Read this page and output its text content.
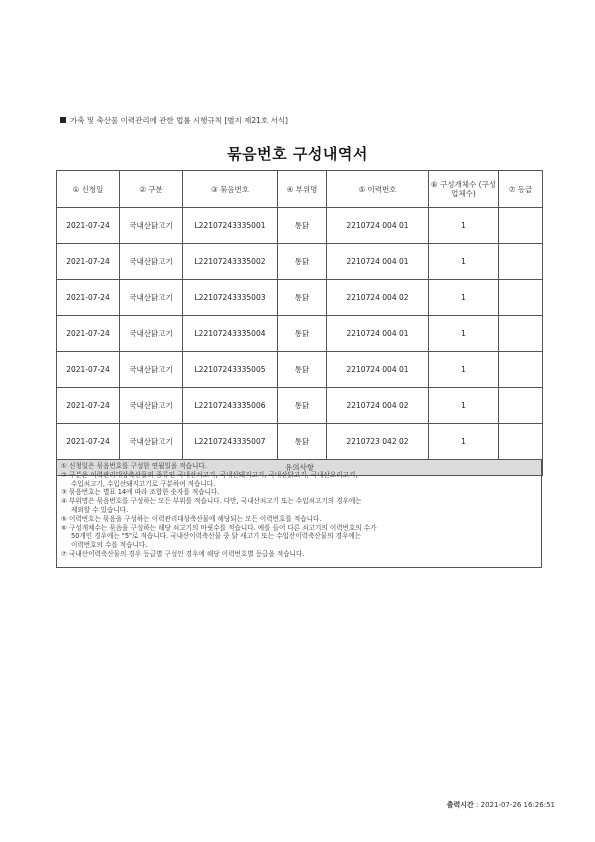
가축 및 축산물 이력관리에 관한 법률 시행규칙 [별지 제21호 서식]
묶음번호 구성내역서
① 신청일	② 구분	③ 묶음번호	④ 부위명	⑤ 이력번호	⑥ 구성개체수 (구성업체수)	⑦ 등급
2021-07-24	국내산닭고기	L22107243335001	통닭	2210724 004 01	1	
2021-07-24	국내산닭고기	L22107243335002	통닭	2210724 004 01	1	
2021-07-24	국내산닭고기	L22107243335003	통닭	2210724 004 02	1	
2021-07-24	국내산닭고기	L22107243335004	통닭	2210724 004 01	1	
2021-07-24	국내산닭고기	L22107243335005	통닭	2210724 004 01	1	
2021-07-24	국내산닭고기	L22107243335006	통닭	2210724 004 02	1	
2021-07-24	국내산닭고기	L22107243335007	통닭	2210723 042 02	1	
유의사항						

① 신청일은 묶음번호를 구성한 연월일을 적습니다.

② 구분은 이력관리대상축산물의 종류인 국내산쇠고기, 국내산돼지고기, 국내산닭고기, 국내산오리고기,

수입쇠고기, 수입산돼지고기로 구분하여 적습니다.

③ 묶음번호는 별표 14에 따라 조합한 숫자를 적습니다.

④ 부위명은 묶음번호를 구성하는 모든 부위를 적습니다. 다만, 국내산쇠고기 또는 수입쇠고기의 경우에는

제외할 수 있습니다.

⑤ 이력번호는 묶음을 구성하는 이력관리대상축산물에 해당되는 모든 이력번호를 적습니다.

⑥ 구성개체수는 묶음을 구성하는 해당 쇠고기의 마릿수를 적습니다. 예를 들어 다른 쇠고기의 이력번호의 수가

50개인 경우에는 "5"로 적습니다. 국내산이력축산물 중 닭 새고기 또는 수입산이력축산물의 경우에는

이력번호의 수를 적습니다.

⑦ 국내산이력축산물의 경우 등급별 구성인 경우에 해당 이력번호별 등급을 적습니다.

출력시간 : 2021-07-26 16:26:51
